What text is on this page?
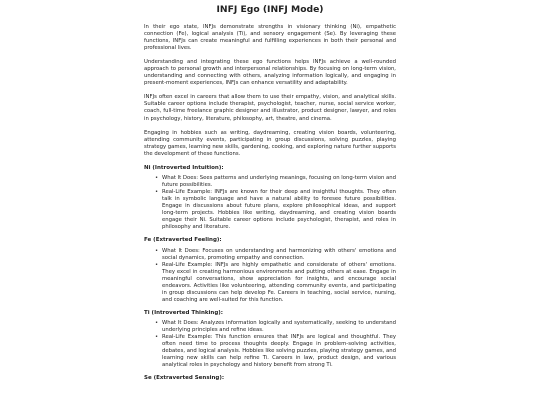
INFJ Ego (INFJ Mode)

In their ego state, INFJs demonstrate strengths in visionary thinking (Ni), empathetic connection (Fe), logical analysis (Ti), and sensory engagement (Se). By leveraging these functions, INFJs can create meaningful and fulfilling experiences in both their personal and professional lives.

Understanding and integrating these ego functions helps INFJs achieve a well-rounded approach to personal growth and interpersonal relationships. By focusing on long-term vision, understanding and connecting with others, analyzing information logically, and engaging in present-moment experiences, INFJs can enhance versatility and adaptability.

INFJs often excel in careers that allow them to use their empathy, vision, and analytical skills. Suitable career options include therapist, psychologist, teacher, nurse, social service worker, coach, full-time freelance graphic designer and illustrator, product designer, lawyer, and roles in psychology, history, literature, philosophy, art, theatre, and cinema.

Engaging in hobbies such as writing, daydreaming, creating vision boards, volunteering, attending community events, participating in group discussions, solving puzzles, playing strategy games, learning new skills, gardening, cooking, and exploring nature further supports the development of these functions.

Ni (Introverted Intuition):
• What It Does: Sees patterns and underlying meanings, focusing on long-term vision and future possibilities.
• Real-Life Example: INFJs are known for their deep and insightful thoughts. They often talk in symbolic language and have a natural ability to foresee future possibilities. Engage in discussions about future plans, explore philosophical ideas, and support long-term projects. Hobbies like writing, daydreaming, and creating vision boards engage their Ni. Suitable career options include psychologist, therapist, and roles in philosophy and literature.
Fe (Extraverted Feeling):
• What It Does: Focuses on understanding and harmonizing with others' emotions and social dynamics, promoting empathy and connection.
• Real-Life Example: INFJs are highly empathetic and considerate of others' emotions. They excel in creating harmonious environments and putting others at ease. Engage in meaningful conversations, show appreciation for insights, and encourage social endeavors. Activities like volunteering, attending community events, and participating in group discussions can help develop Fe. Careers in teaching, social service, nursing, and coaching are well-suited for this function.
Ti (Introverted Thinking):
• What It Does: Analyzes information logically and systematically, seeking to understand underlying principles and refine ideas.
• Real-Life Example: This function ensures that INFJs are logical and thoughtful. They often need time to process thoughts deeply. Engage in problem-solving activities, debates, and logical analysis. Hobbies like solving puzzles, playing strategy games, and learning new skills can help refine Ti. Careers in law, product design, and various analytical roles in psychology and history benefit from strong Ti.
Se (Extraverted Sensing):
